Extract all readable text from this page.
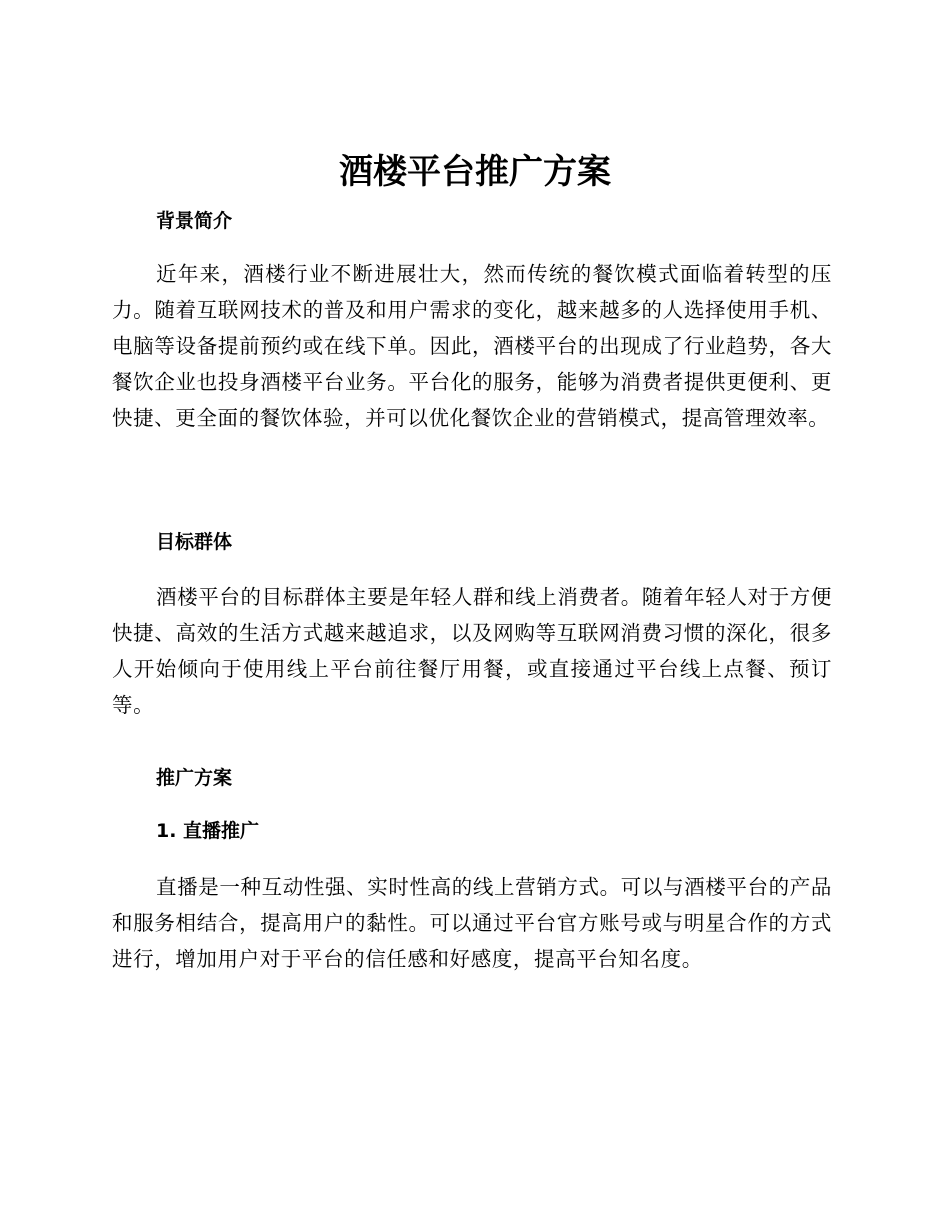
酒楼平台推广方案
背景简介

近年来，酒楼行业不断进展壮大，然而传统的餐饮模式面临着转型的压力。随着互联网技术的普及和用户需求的变化，越来越多的人选择使用手机、电脑等设备提前预约或在线下单。因此，酒楼平台的出现成了行业趋势，各大餐饮企业也投身酒楼平台业务。平台化的服务，能够为消费者提供更便利、更快捷、更全面的餐饮体验，并可以优化餐饮企业的营销模式，提高管理效率。

目标群体

酒楼平台的目标群体主要是年轻人群和线上消费者。随着年轻人对于方便快捷、高效的生活方式越来越追求，以及网购等互联网消费习惯的深化，很多人开始倾向于使用线上平台前往餐厅用餐，或直接通过平台线上点餐、预订等。

推广方案
1. 直播推广

直播是一种互动性强、实时性高的线上营销方式。可以与酒楼平台的产品和服务相结合，提高用户的黏性。可以通过平台官方账号或与明星合作的方式进行，增加用户对于平台的信任感和好感度，提高平台知名度。
